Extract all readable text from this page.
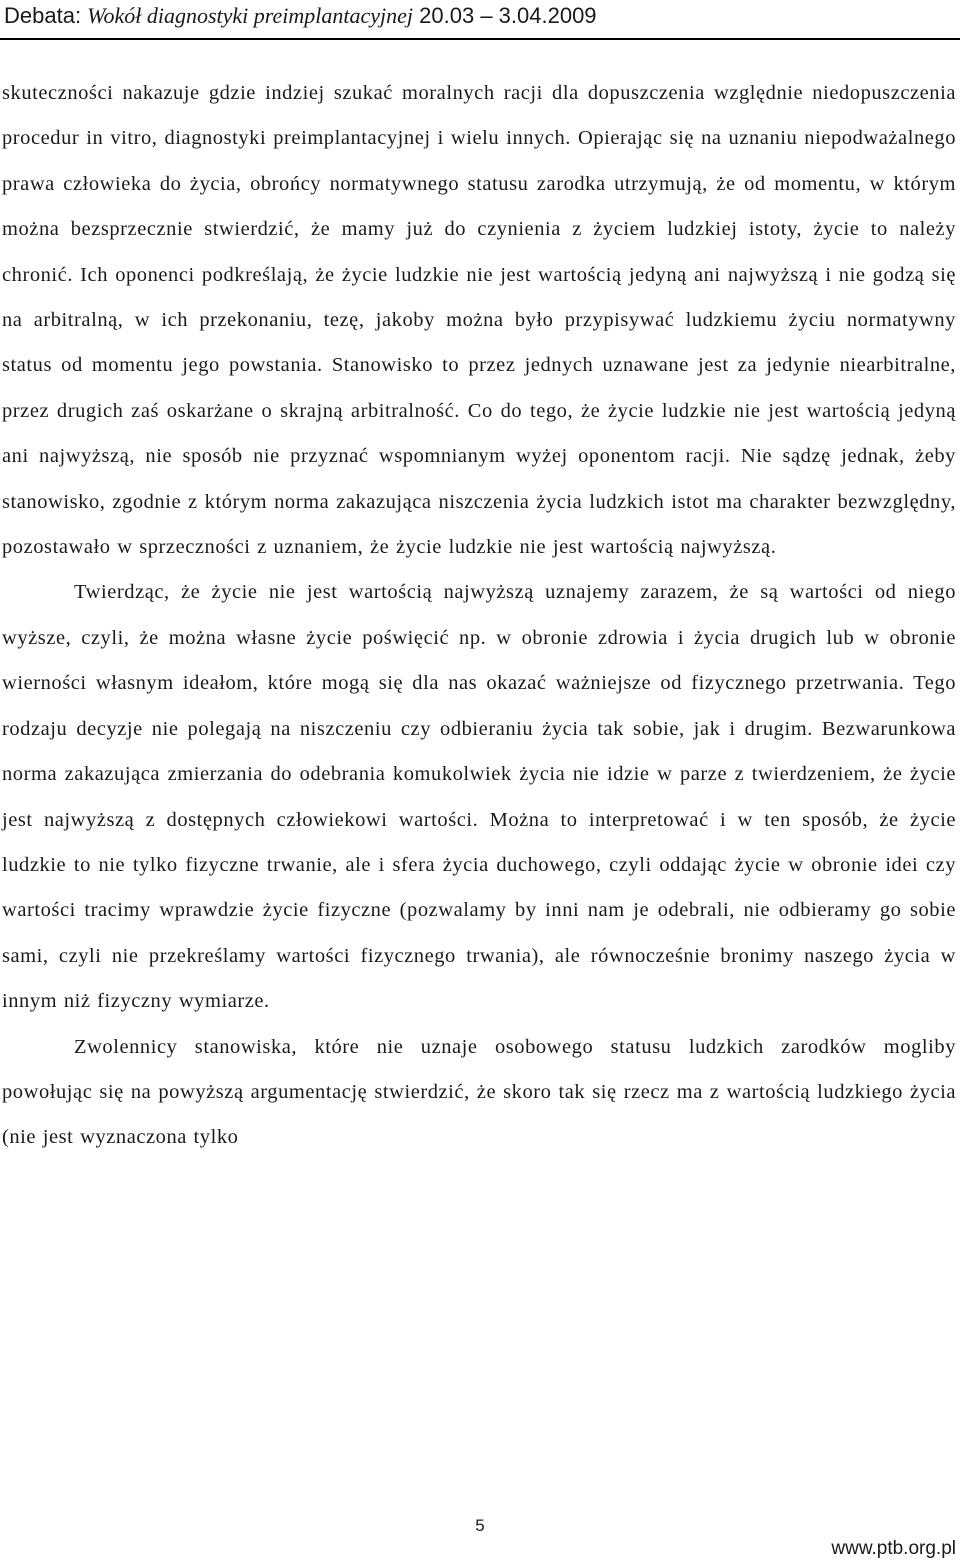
Debata: Wokół diagnostyki preimplantacyjnej 20.03 – 3.04.2009

skuteczności nakazuje gdzie indziej szukać moralnych racji dla dopuszczenia względnie niedopuszczenia procedur in vitro, diagnostyki preimplantacyjnej i wielu innych. Opierając się na uznaniu niepodważalnego prawa człowieka do życia, obrońcy normatywnego statusu zarodka utrzymują, że od momentu, w którym można bezsprzecznie stwierdzić, że mamy już do czynienia z życiem ludzkiej istoty, życie to należy chronić. Ich oponenci podkreślają, że życie ludzkie nie jest wartością jedyną ani najwyższą i nie godzą się na arbitralną, w ich przekonaniu, tezę, jakoby można było przypisywać ludzkiemu życiu normatywny status od momentu jego powstania. Stanowisko to przez jednych uznawane jest za jedynie niearbitralne, przez drugich zaś oskarżane o skrajną arbitralność. Co do tego, że życie ludzkie nie jest wartością jedyną ani najwyższą, nie sposób nie przyznać wspomnianym wyżej oponentom racji. Nie sądzę jednak, żeby stanowisko, zgodnie z którym norma zakazująca niszczenia życia ludzkich istot ma charakter bezwzględny, pozostawało w sprzeczności z uznaniem, że życie ludzkie nie jest wartością najwyższą.

Twierdząc, że życie nie jest wartością najwyższą uznajemy zarazem, że są wartości od niego wyższe, czyli, że można własne życie poświęcić np. w obronie zdrowia i życia drugich lub w obronie wierności własnym ideałom, które mogą się dla nas okazać ważniejsze od fizycznego przetrwania. Tego rodzaju decyzje nie polegają na niszczeniu czy odbieraniu życia tak sobie, jak i drugim. Bezwarunkowa norma zakazująca zmierzania do odebrania komukolwiek życia nie idzie w parze z twierdzeniem, że życie jest najwyższą z dostępnych człowiekowi wartości. Można to interpretować i w ten sposób, że życie ludzkie to nie tylko fizyczne trwanie, ale i sfera życia duchowego, czyli oddając życie w obronie idei czy wartości tracimy wprawdzie życie fizyczne (pozwalamy by inni nam je odebrali, nie odbieramy go sobie sami, czyli nie przekreślamy wartości fizycznego trwania), ale równocześnie bronimy naszego życia w innym niż fizyczny wymiarze.

Zwolennicy stanowiska, które nie uznaje osobowego statusu ludzkich zarodków mogliby powołując się na powyższą argumentację stwierdzić, że skoro tak się rzecz ma z wartością ludzkiego życia (nie jest wyznaczona tylko

5
www.ptb.org.pl
